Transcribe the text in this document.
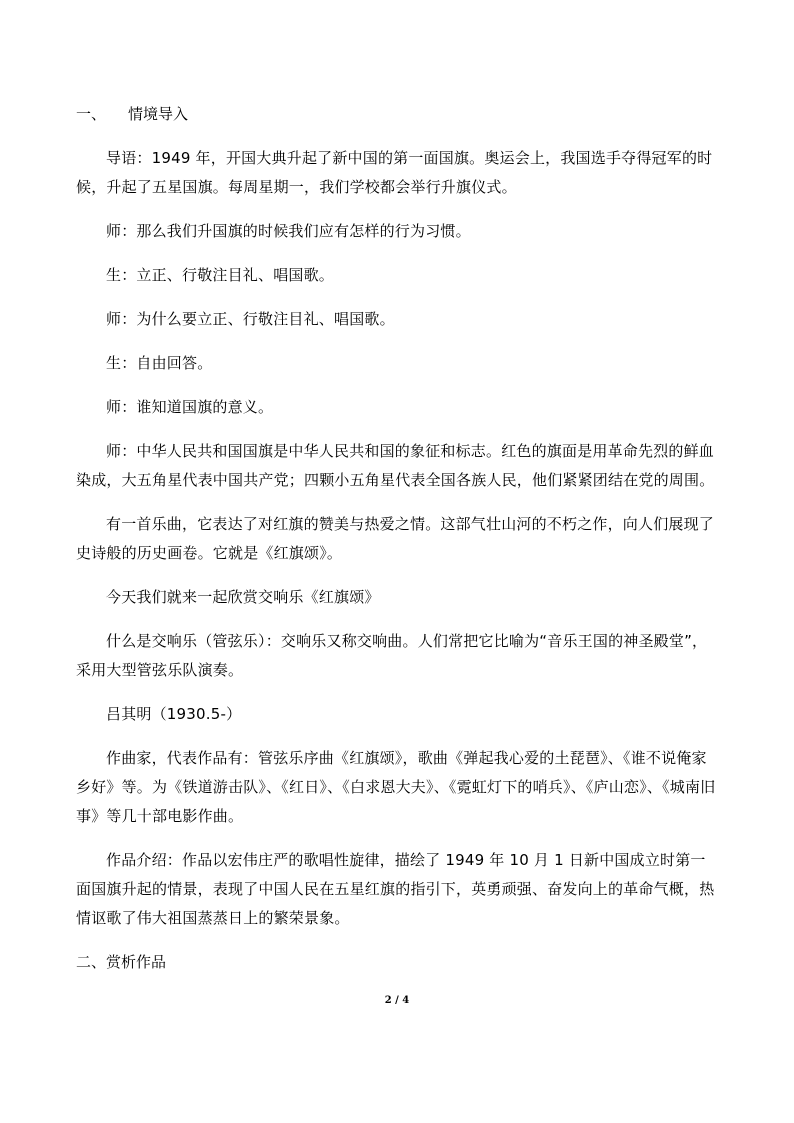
一、 情境导入

导语：1949 年，开国大典升起了新中国的第一面国旗。奥运会上，我国选手夺得冠军的时候，升起了五星国旗。每周星期一，我们学校都会举行升旗仪式。

师：那么我们升国旗的时候我们应有怎样的行为习惯。

生：立正、行敬注目礼、唱国歌。

师：为什么要立正、行敬注目礼、唱国歌。

生：自由回答。

师：谁知道国旗的意义。

师：中华人民共和国国旗是中华人民共和国的象征和标志。红色的旗面是用革命先烈的鲜血染成，大五角星代表中国共产党；四颗小五角星代表全国各族人民，他们紧紧团结在党的周围。

有一首乐曲，它表达了对红旗的赞美与热爱之情。这部气壮山河的不朽之作，向人们展现了史诗般的历史画卷。它就是《红旗颂》。

今天我们就来一起欣赏交响乐《红旗颂》

什么是交响乐（管弦乐）：交响乐又称交响曲。人们常把它比喻为“音乐王国的神圣殿堂”，采用大型管弦乐队演奏。

吕其明（1930.5-）

作曲家，代表作品有：管弦乐序曲《红旗颂》，歌曲《弹起我心爱的土琵琶》、《谁不说俺家乡好》等。为《铁道游击队》、《红日》、《白求恩大夫》、《霓虹灯下的哨兵》、《庐山恋》、《城南旧事》等几十部电影作曲。

作品介绍：作品以宏伟庄严的歌唱性旋律，描绘了 1949 年 10 月 1 日新中国成立时第一面国旗升起的情景，表现了中国人民在五星红旗的指引下，英勇顽强、奋发向上的革命气概，热情讴歌了伟大祖国蒸蒸日上的繁荣景象。

二、赏析作品
2 / 4
